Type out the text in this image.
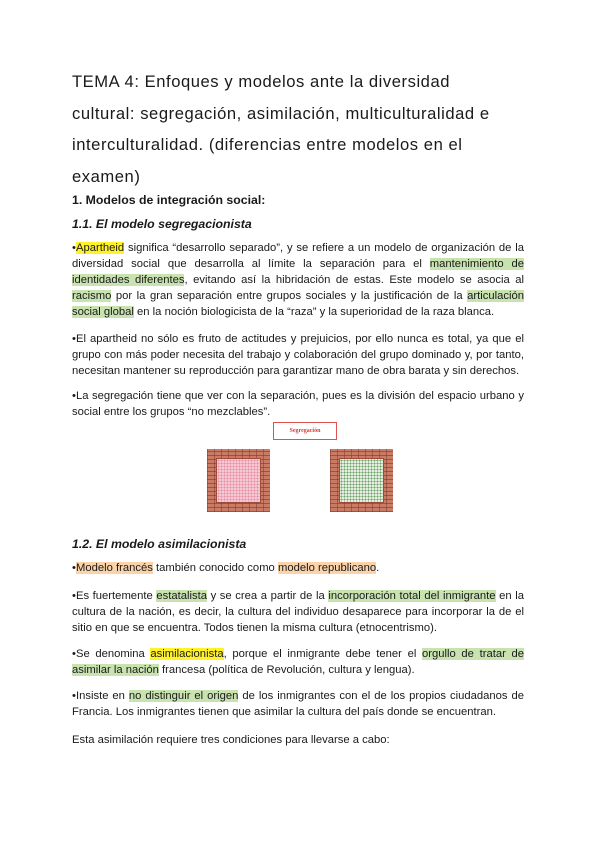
TEMA 4: Enfoques y modelos ante la diversidad
cultural: segregación, asimilación, multiculturalidad e
interculturalidad. (diferencias entre modelos en el
examen)
1. Modelos de integración social:
1.1. El modelo segregacionista

•Apartheid significa “desarrollo separado”, y se refiere a un modelo de organización de la diversidad social que desarrolla al límite la separación para el mantenimiento de identidades diferentes, evitando así la hibridación de estas. Este modelo se asocia al racismo por la gran separación entre grupos sociales y la justificación de la articulación social global en la noción biologicista de la “raza” y la superioridad de la raza blanca.

•El apartheid no sólo es fruto de actitudes y prejuicios, por ello nunca es total, ya que el grupo con más poder necesita del trabajo y colaboración del grupo dominado y, por tanto, necesitan mantener su reproducción para garantizar mano de obra barata y sin derechos.

•La segregación tiene que ver con la separación, pues es la división del espacio urbano y social entre los grupos “no mezclables”.

1.2. El modelo asimilacionista

•Modelo francés también conocido como modelo republicano.

•Es fuertemente estatalista y se crea a partir de la incorporación total del inmigrante en la cultura de la nación, es decir, la cultura del individuo desaparece para incorporar la de el sitio en que se encuentra. Todos tienen la misma cultura (etnocentrismo).

•Se denomina asimilacionista, porque el inmigrante debe tener el orgullo de tratar de asimilar la nación francesa (política de Revolución, cultura y lengua).

•Insiste en no distinguir el origen de los inmigrantes con el de los propios ciudadanos de Francia. Los inmigrantes tienen que asimilar la cultura del país donde se encuentran.

Esta asimilación requiere tres condiciones para llevarse a cabo:

Segregación
